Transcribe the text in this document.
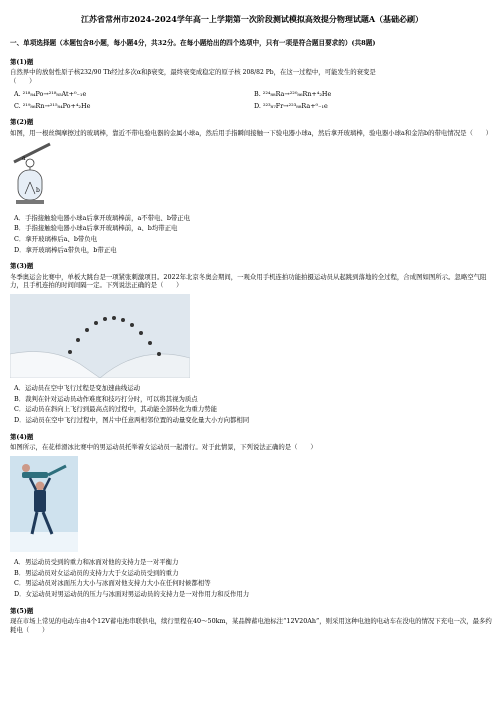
江苏省常州市2024-2024学年高一上学期第一次阶段测试模拟高效提分物理试题A（基础必刷）
一、单项选择题（本题包含8小题，每小题4分，共32分。在每小题给出的四个选项中，只有一项是符合题目要求的）(共8题)
第(1)题

自然界中的放射性原子核232/90 Th经过多次α和β衰变，最终衰变成稳定的原子核 208/82 Pb，在这一过程中，可能发生的衰变是
（　　）

A. ²¹⁸₈₄Po→²¹⁸₈₅At+⁰₋₁e	B. ²²⁴₈₈Ra→²²⁰₈₆Rn+⁴₂He
C. ²¹⁹₈₆Rn→²¹⁵₈₄Po+⁴₂He	D. ²²³₈₇Fr→²²³₈₈Ra+⁰₋₁e
第(2)题

如图，用一根丝绸摩擦过的玻璃棒，靠近不带电验电器的金属小球a，然后用手指瞬间接触一下验电器小球a，然后拿开玻璃棒，验电器小球a和金箔b的带电情况是（　　）

a
b
A．手指接触验电器小球a后拿开玻璃棒前，a不带电、b带正电
B．手指接触验电器小球a后拿开玻璃棒前，a、b均带正电
C．拿开玻璃棒后a、b带负电
D．拿开玻璃棒后a带负电，b带正电
第(3)题

冬季奥运会比赛中，单板大跳台是一项紧张刺激项目。2022年北京冬奥会期间，一观众用手机连拍功能拍摄运动员从起跳到落地的全过程，合成图如图所示。忽略空气阻力，且手机连拍的时间间隔一定。下列说法正确的是（　　）

A．运动员在空中飞行过程是变加速曲线运动
B．裁判在针对运动员动作难度和技巧打分时，可以将其视为质点
C．运动员在斜向上飞行到最高点的过程中，其动能全部转化为重力势能
D．运动员在空中飞行过程中，图片中任意两相邻位置的动量变化量大小方向都相同
第(4)题

如图所示，在花样滑冰比赛中的男运动员托举着女运动员一起滑行。对于此情景，下列说法正确的是（　　）

A．男运动员受到的重力和冰面对他的支持力是一对平衡力
B．男运动员对女运动员的支持力大于女运动员受到的重力
C．男运动员对冰面压力大小与冰面对他支持力大小在任何时候都相等
D．女运动员对男运动员的压力与冰面对男运动员的支持力是一对作用力和反作用力
第(5)题

现在市场上常见的电动车由4个12V蓄电池串联供电，续行里程在40～50km，某品牌蓄电池标注“12V20Ah”，则采用这种电池的电动车在没电的情况下充电一次，最多约耗电（　　）
